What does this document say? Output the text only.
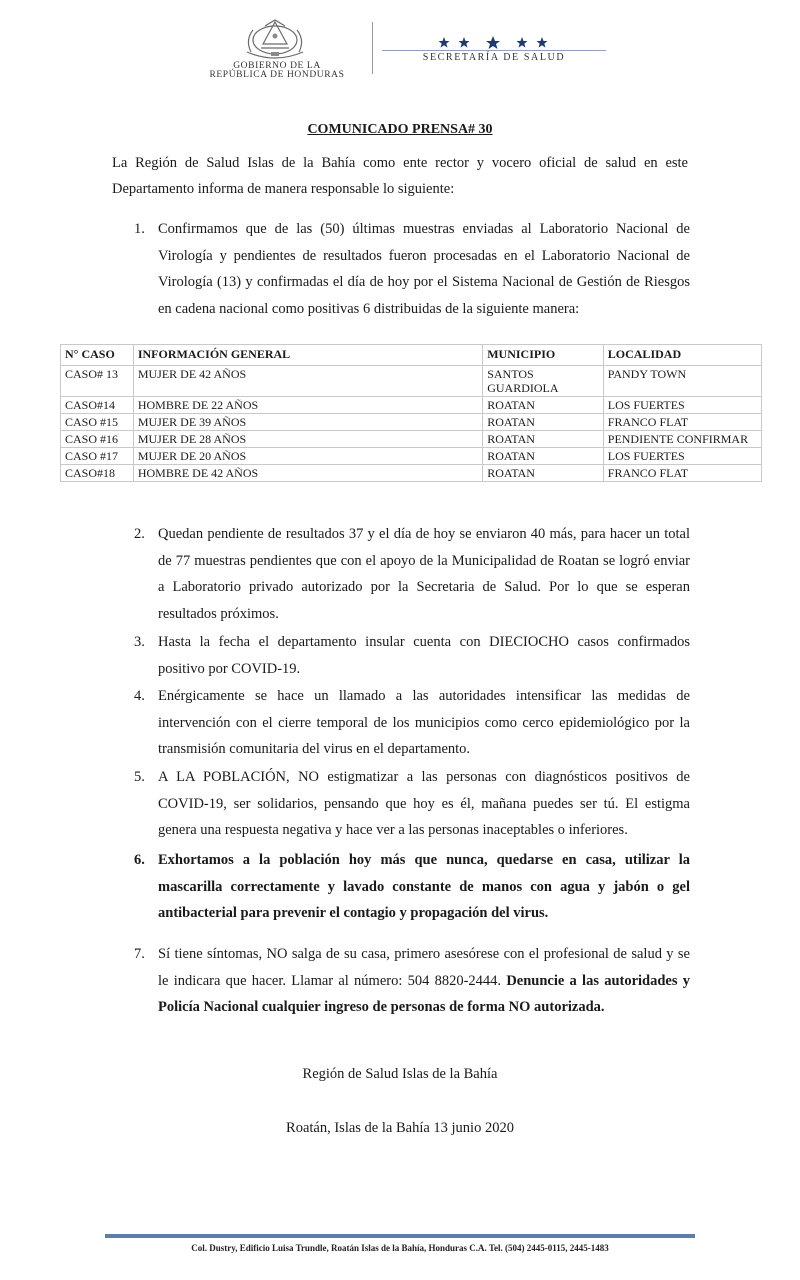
GOBIERNO DE LA
REPÚBLICA DE HONDURAS
SECRETARÍA DE SALUD
COMUNICADO PRENSA# 30

La Región de Salud Islas de la Bahía como ente rector y vocero oficial de salud en este Departamento informa de manera responsable lo siguiente:

1. Confirmamos que de las (50) últimas muestras enviadas al Laboratorio Nacional de Virología y pendientes de resultados fueron procesadas en el Laboratorio Nacional de Virología (13) y confirmadas el día de hoy por el Sistema Nacional de Gestión de Riesgos en cadena nacional como positivas 6 distribuidas de la siguiente manera:
N° CASO	INFORMACIÓN GENERAL	MUNICIPIO	LOCALIDAD
CASO# 13	MUJER DE 42 AÑOS	SANTOS GUARDIOLA	PANDY TOWN
CASO#14	HOMBRE DE 22 AÑOS	ROATAN	LOS FUERTES
CASO #15	MUJER DE 39 AÑOS	ROATAN	FRANCO FLAT
CASO #16	MUJER DE 28 AÑOS	ROATAN	PENDIENTE CONFIRMAR
CASO #17	MUJER DE 20 AÑOS	ROATAN	LOS FUERTES
CASO#18	HOMBRE DE 42 AÑOS	ROATAN	FRANCO FLAT
2. Quedan pendiente de resultados 37 y el día de hoy se enviaron 40 más, para hacer un total de 77 muestras pendientes que con el apoyo de la Municipalidad de Roatan se logró enviar a Laboratorio privado autorizado por la Secretaria de Salud. Por lo que se esperan resultados próximos.
3. Hasta la fecha el departamento insular cuenta con DIECIOCHO casos confirmados positivo por COVID-19.
4. Enérgicamente se hace un llamado a las autoridades intensificar las medidas de intervención con el cierre temporal de los municipios como cerco epidemiológico por la transmisión comunitaria del virus en el departamento.
5. A LA POBLACIÓN, NO estigmatizar a las personas con diagnósticos positivos de COVID-19, ser solidarios, pensando que hoy es él, mañana puedes ser tú. El estigma genera una respuesta negativa y hace ver a las personas inaceptables o inferiores.
6. Exhortamos a la población hoy más que nunca, quedarse en casa, utilizar la mascarilla correctamente y lavado constante de manos con agua y jabón o gel antibacterial para prevenir el contagio y propagación del virus.
7. Sí tiene síntomas, NO salga de su casa, primero asesórese con el profesional de salud y se le indicara que hacer. Llamar al número: 504 8820-2444. Denuncie a las autoridades y Policía Nacional cualquier ingreso de personas de forma NO autorizada.
Región de Salud Islas de la Bahía
Roatán, Islas de la Bahía 13 junio 2020
Col. Dustry, Edificio Luisa Trundle, Roatán Islas de la Bahía, Honduras C.A. Tel. (504) 2445-0115, 2445-1483
